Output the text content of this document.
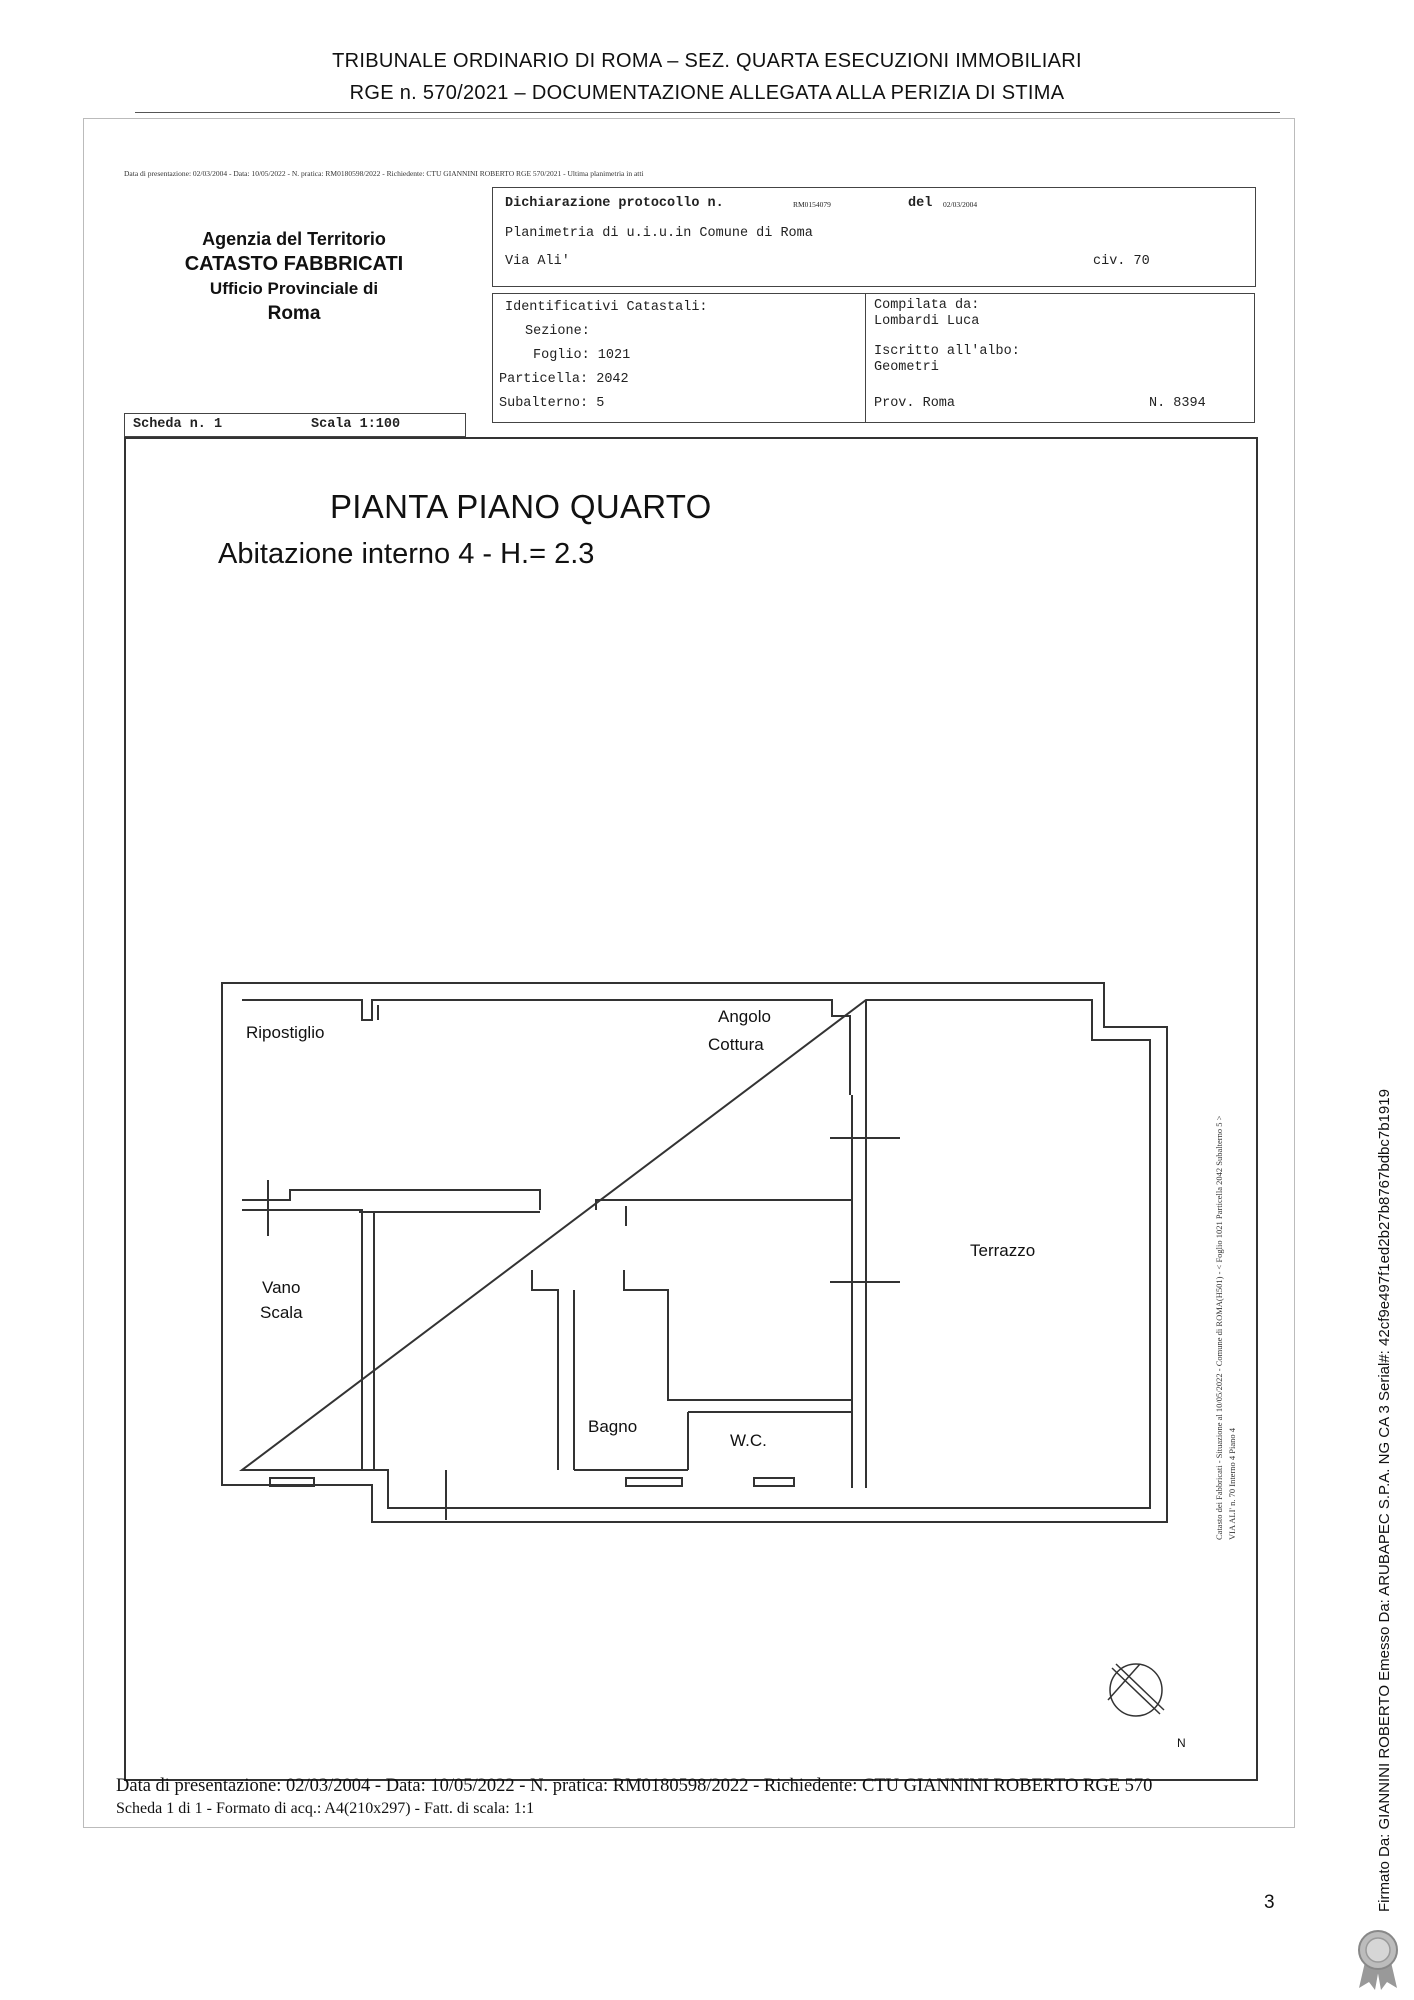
TRIBUNALE ORDINARIO DI ROMA – SEZ. QUARTA ESECUZIONI IMMOBILIARI
RGE n. 570/2021 – DOCUMENTAZIONE ALLEGATA ALLA PERIZIA DI STIMA
Data di presentazione: 02/03/2004 - Data: 10/05/2022 - N. pratica: RM0180598/2022 - Richiedente: CTU GIANNINI ROBERTO RGE 570/2021 - Ultima planimetria in atti
Agenzia del Territorio
CATASTO FABBRICATI
Ufficio Provinciale di
Roma
Dichiarazione protocollo n.	RM0154079	del 02/03/2004
Planimetria di u.i.u.in Comune di Roma
Via Ali'	civ. 70
Identificativi Catastali:
Sezione:
Foglio: 1021
Particella: 2042
Subalterno: 5
Compilata da:
Lombardi Luca
Iscritto all'albo:
Geometri
Prov. Roma	N. 8394
Scheda n. 1	Scala 1:100
PIANTA PIANO QUARTO
Abitazione interno 4 - H.= 2.3
Ripostiglio
Angolo
Cottura
Terrazzo
Vano
Scala
Bagno
W.C.
N
Catasto dei Fabbricati - Situazione al 10/05/2022 - Comune di ROMA(H501) - < Foglio 1021 Particella 2042 Subalterno 5 > VIA ALI' n. 70 Interno 4 Piano 4
Data di presentazione: 02/03/2004 - Data: 10/05/2022 - N. pratica: RM0180598/2022 - Richiedente: CTU GIANNINI ROBERTO RGE 570
Scheda 1 di 1 - Formato di acq.: A4(210x297) - Fatt. di scala: 1:1
3	Firmato Da: GIANNINI ROBERTO Emesso Da: ARUBAPEC S.P.A. NG CA 3 Serial#: 42cf9e497f1ed2b27b8767bdbc7b1919
